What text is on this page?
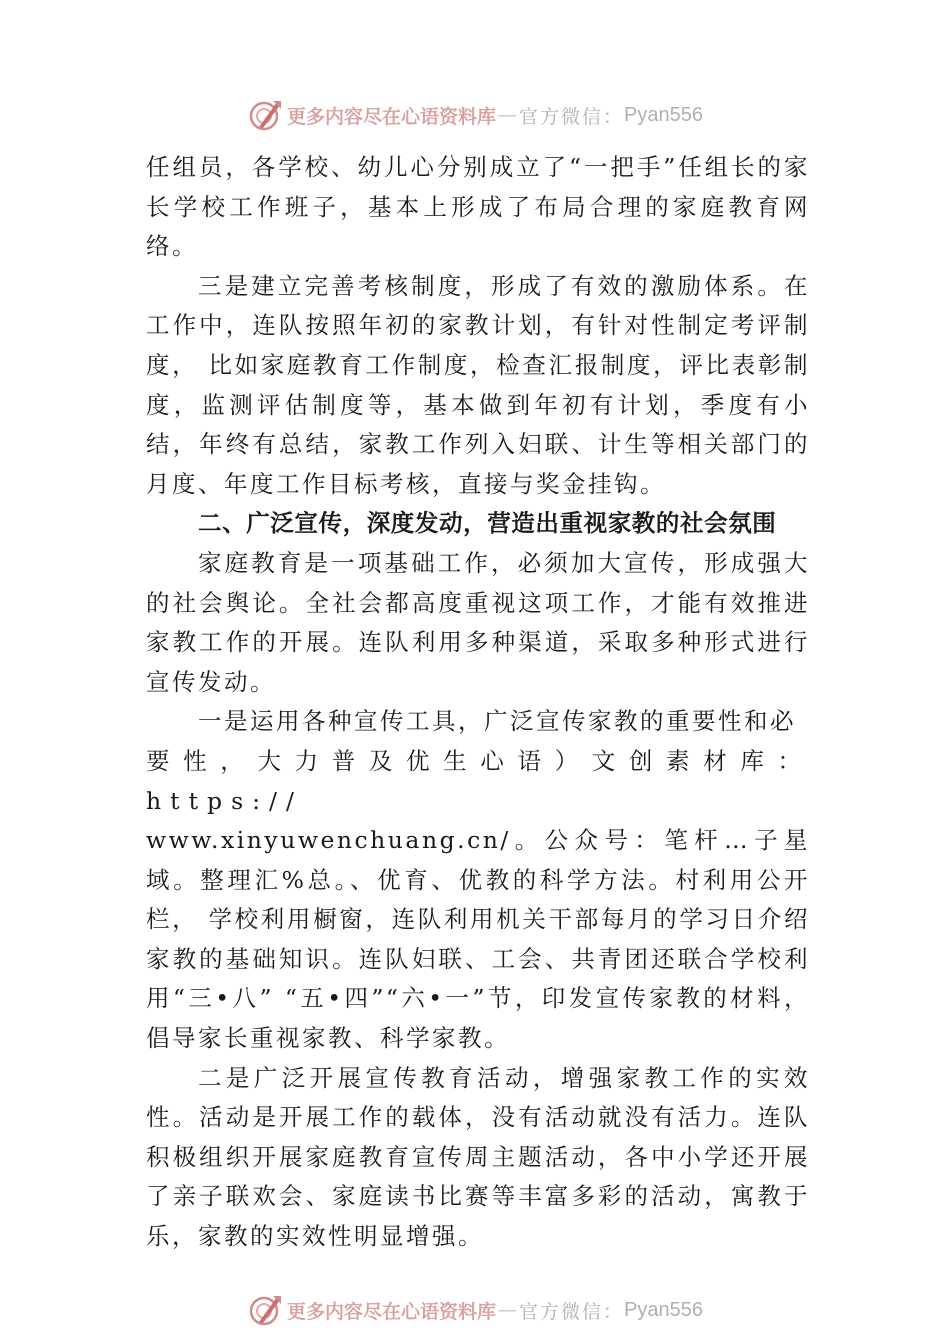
更多内容尽在心语资料库 — 官方微信： Pyan556

任组员，各学校、幼儿心分别成立了“一把手”任组长的家长学校工作班子，基本上形成了布局合理的家庭教育网络。

三是建立完善考核制度，形成了有效的激励体系。在工作中，连队按照年初的家教计划，有针对性制定考评制度， 比如家庭教育工作制度，检查汇报制度，评比表彰制度，监测评估制度等，基本做到年初有计划，季度有小结，年终有总结，家教工作列入妇联、计生等相关部门的月度、年度工作目标考核，直接与奖金挂钩。

二、广泛宣传，深度发动，营造出重视家教的社会氛围

家庭教育是一项基础工作，必须加大宣传，形成强大的社会舆论。全社会都高度重视这项工作，才能有效推进家教工作的开展。连队利用多种渠道，采取多种形式进行宣传发动。

一是运用各种宣传工具，广泛宣传家教的重要性和必

要性，大力普及优生心语）文创素材库：https://

www.xinyuwenchuang.cn/。公众号：笔杆…子星域。整理汇%总。、优育、优教的科学方法。村利用公开栏， 学校利用橱窗，连队利用机关干部每月的学习日介绍家教的基础知识。连队妇联、工会、共青团还联合学校利用“三•八” “五•四”“六•一”节，印发宣传家教的材料，倡导家长重视家教、科学家教。

二是广泛开展宣传教育活动，增强家教工作的实效性。活动是开展工作的载体，没有活动就没有活力。连队积极组织开展家庭教育宣传周主题活动，各中小学还开展了亲子联欢会、家庭读书比赛等丰富多彩的活动，寓教于乐，家教的实效性明显增强。

更多内容尽在心语资料库 — 官方微信： Pyan556
